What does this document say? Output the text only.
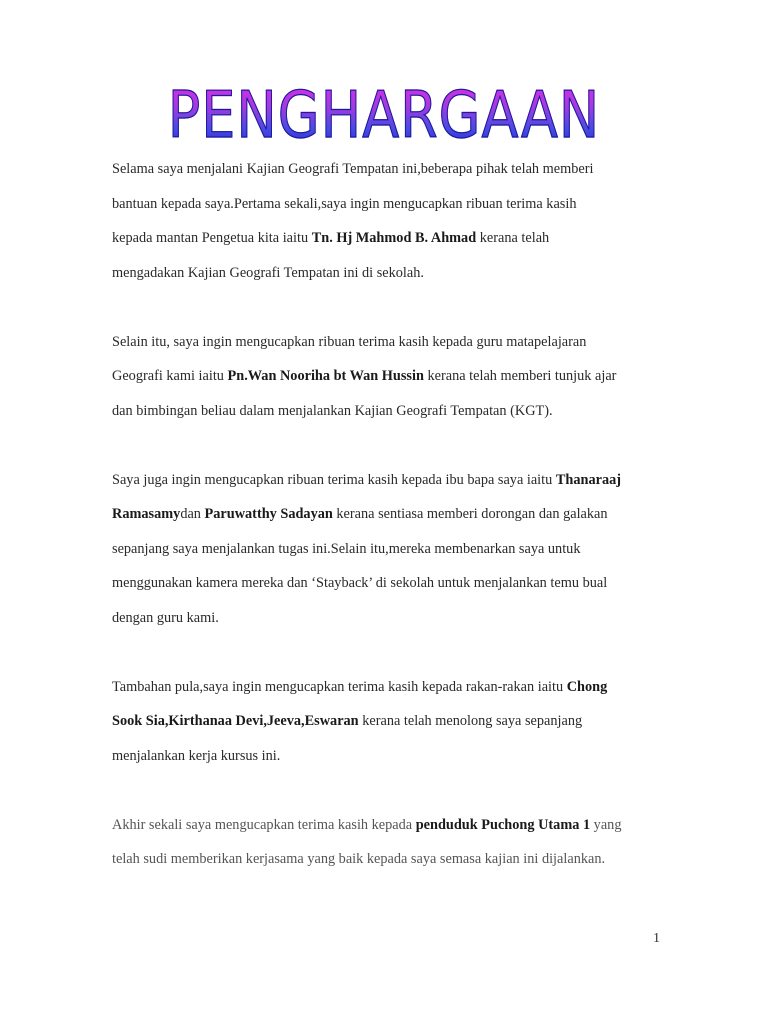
PENGHARGAAN
Selama saya menjalani Kajian Geografi Tempatan ini,beberapa pihak telah memberi
bantuan kepada saya.Pertama sekali,saya ingin mengucapkan ribuan terima kasih
kepada mantan Pengetua kita iaitu Tn. Hj Mahmod B. Ahmad kerana telah
mengadakan Kajian Geografi Tempatan ini di sekolah.
Selain itu, saya ingin mengucapkan ribuan terima kasih kepada guru matapelajaran
Geografi kami iaitu Pn.Wan Nooriha bt Wan Hussin kerana telah memberi tunjuk ajar
dan bimbingan beliau dalam menjalankan Kajian Geografi Tempatan (KGT).
Saya juga ingin mengucapkan ribuan terima kasih kepada ibu bapa saya iaitu Thanaraaj
Ramasamydan Paruwatthy Sadayan kerana sentiasa memberi dorongan dan galakan
sepanjang saya menjalankan tugas ini.Selain itu,mereka membenarkan saya untuk
menggunakan kamera mereka dan ‘Stayback’ di sekolah untuk menjalankan temu bual
dengan guru kami.
Tambahan pula,saya ingin mengucapkan terima kasih kepada rakan-rakan iaitu Chong
Sook Sia,Kirthanaa Devi,Jeeva,Eswaran kerana telah menolong saya sepanjang
menjalankan kerja kursus ini.
Akhir sekali saya mengucapkan terima kasih kepada penduduk Puchong Utama 1 yang
telah sudi memberikan kerjasama yang baik kepada saya semasa kajian ini dijalankan.
1
